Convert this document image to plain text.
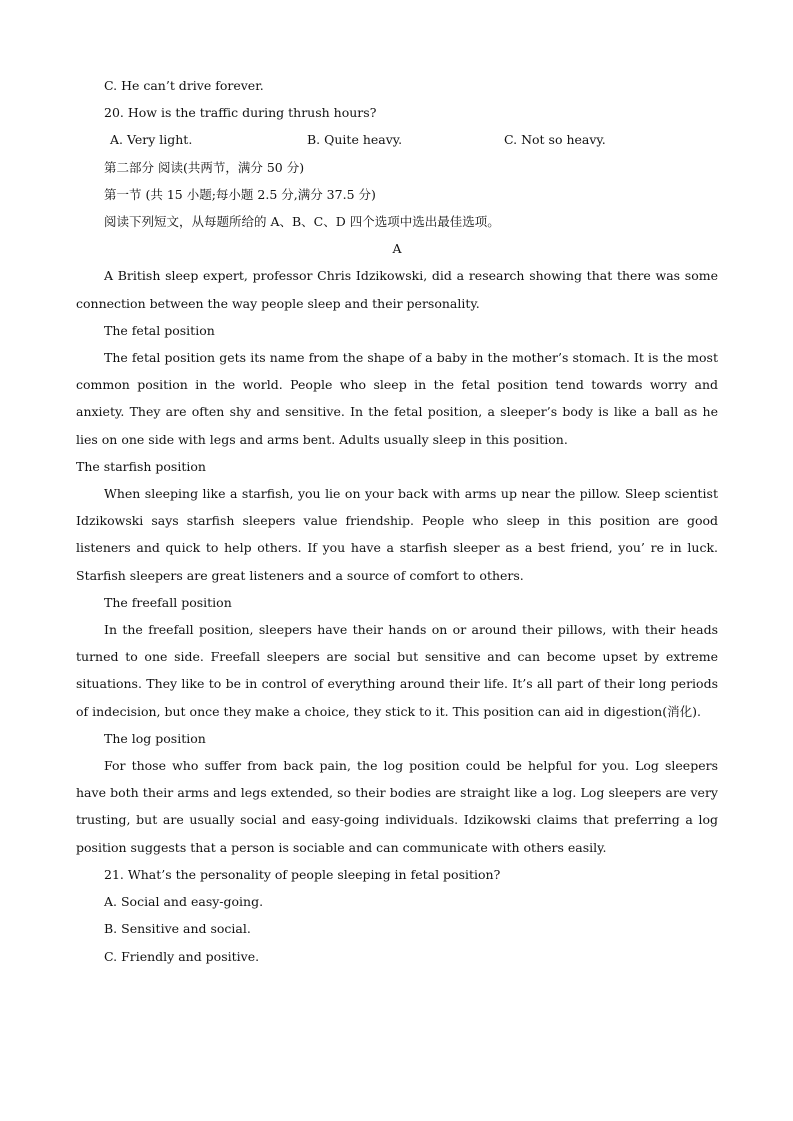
C. He can’t drive forever.

20. How is the traffic during thrush hours?

A. Very light.	B. Quite heavy.	C. Not so heavy.

第二部分 阅读(共两节，满分 50 分)

第一节 (共 15 小题;每小题 2.5 分,满分 37.5 分)

阅读下列短文，从每题所给的 A、B、C、D 四个选项中选出最佳选项。

A

A British sleep expert, professor Chris Idzikowski, did a research showing that there was some connection between the way people sleep and their personality.

The fetal position

The fetal position gets its name from the shape of a baby in the mother’s stomach. It is the most common position in the world. People who sleep in the fetal position tend towards worry and anxiety. They are often shy and sensitive. In the fetal position, a sleeper’s body is like a ball as he lies on one side with legs and arms bent. Adults usually sleep in this position.

The starfish position

When sleeping like a starfish, you lie on your back with arms up near the pillow. Sleep scientist Idzikowski says starfish sleepers value friendship. People who sleep in this position are good listeners and quick to help others. If you have a starfish sleeper as a best friend, you’ re in luck. Starfish sleepers are great listeners and a source of comfort to others.

The freefall position

In the freefall position, sleepers have their hands on or around their pillows, with their heads turned to one side. Freefall sleepers are social but sensitive and can become upset by extreme situations. They like to be in control of everything around their life. It’s all part of their long periods of indecision, but once they make a choice, they stick to it. This position can aid in digestion(消化).

The log position

For those who suffer from back pain, the log position could be helpful for you. Log sleepers have both their arms and legs extended, so their bodies are straight like a log. Log sleepers are very trusting, but are usually social and easy-going individuals. Idzikowski claims that preferring a log position suggests that a person is sociable and can communicate with others easily.

21. What’s the personality of people sleeping in fetal position?

A. Social and easy-going.

B. Sensitive and social.

C. Friendly and positive.
